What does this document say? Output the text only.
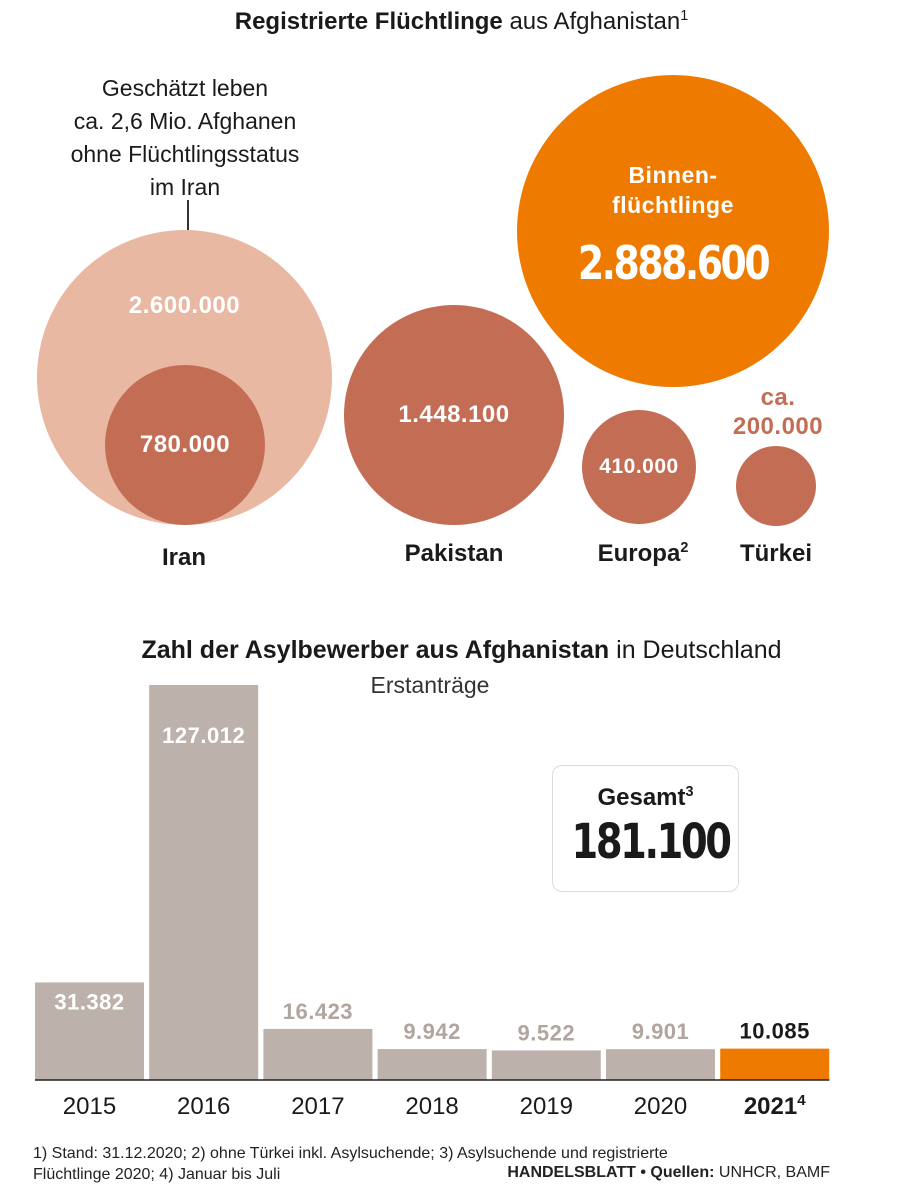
Registrierte Flüchtlinge aus Afghanistan$^1$
Geschätzt leben
ca. 2,6 Mio. Afghanen
ohne Flüchtlingsstatus
im Iran
2.600.000
780.000
1.448.100
410.000
ca.
200.000
Binnen-
flüchtlinge
2.888.600
Iran	Pakistan	Europa$^2$	Türkei
Zahl der Asylbewerber aus Afghanistan in Deutschland
Erstanträge
31.382
2015
127.012
2016
16.423
2017
9.942
2018
9.522
2019
9.901
2020
10.085
2021$^4$
Gesamt$^3$
181.100
1) Stand: 31.12.2020; 2) ohne Türkei inkl. Asylsuchende; 3) Asylsuchende und registrierte
Flüchtlinge 2020; 4) Januar bis Juli	HANDELSBLATT • Quellen: UNHCR, BAMF
